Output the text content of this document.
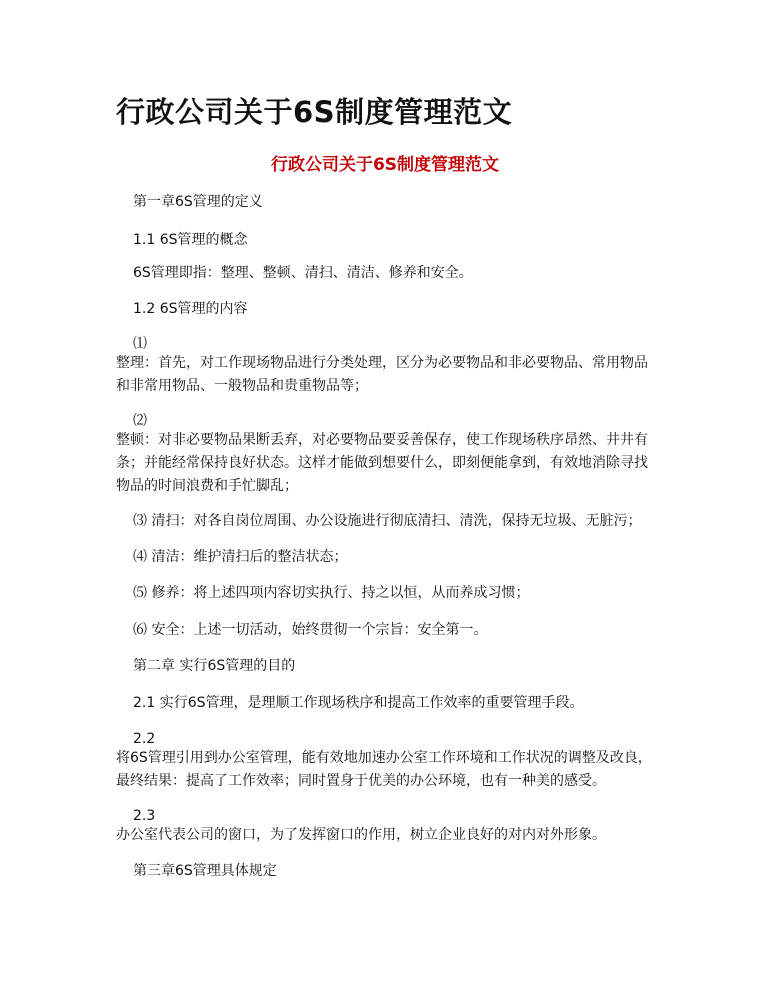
行政公司关于6S制度管理范文
行政公司关于6S制度管理范文
第一章6S管理的定义
1.1 6S管理的概念
6S管理即指：整理、整顿、清扫、清洁、修养和安全。
1.2 6S管理的内容
⑴
整理：首先，对工作现场物品进行分类处理，区分为必要物品和非必要物品、常用物品和非常用物品、一般物品和贵重物品等；
⑵
整顿：对非必要物品果断丢弃，对必要物品要妥善保存，使工作现场秩序昂然、井井有条；并能经常保持良好状态。这样才能做到想要什么，即刻便能拿到，有效地消除寻找物品的时间浪费和手忙脚乱；
⑶ 清扫：对各自岗位周围、办公设施进行彻底清扫、清洗，保持无垃圾、无脏污；
⑷ 清洁：维护清扫后的整洁状态；
⑸ 修养：将上述四项内容切实执行、持之以恒，从而养成习惯；
⑹ 安全：上述一切活动，始终贯彻一个宗旨：安全第一。
第二章 实行6S管理的目的
2.1 实行6S管理，是理顺工作现场秩序和提高工作效率的重要管理手段。
2.2
将6S管理引用到办公室管理，能有效地加速办公室工作环境和工作状况的调整及改良，最终结果：提高了工作效率；同时置身于优美的办公环境，也有一种美的感受。
2.3
办公室代表公司的窗口，为了发挥窗口的作用，树立企业良好的对内对外形象。
第三章6S管理具体规定
